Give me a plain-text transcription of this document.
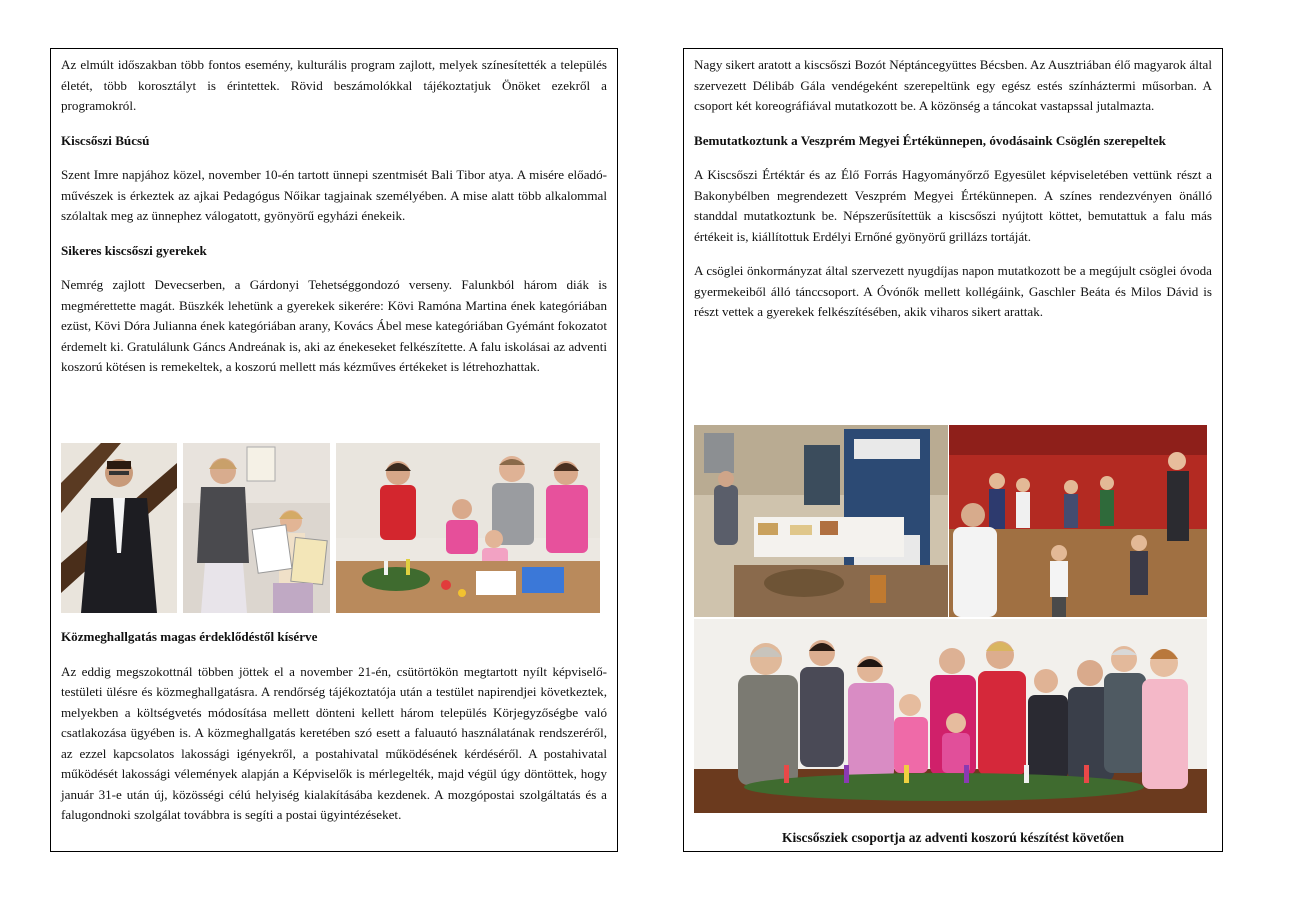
Az elmúlt időszakban több fontos esemény, kulturális program zajlott, melyek színesítették a település életét, több korosztályt is érintettek. Rövid beszámolókkal tájékoztatjuk Önöket ezekről a programokról.

Kiscsőszi Búcsú

Szent Imre napjához közel, november 10-én tartott ünnepi szentmisét Bali Tibor atya. A misére előadó-művészek is érkeztek az ajkai Pedagógus Nőikar tagjainak személyében. A mise alatt több alkalommal szólaltak meg az ünnephez válogatott, gyönyörű egyházi énekeik.

Sikeres kiscsőszi gyerekek

Nemrég zajlott Devecserben, a Gárdonyi Tehetséggondozó verseny. Falunkból három diák is megmérettette magát. Büszkék lehetünk a gyerekek sikerére: Kövi Ramóna Martina ének kategóriában ezüst, Kövi Dóra Julianna ének kategóriában arany, Kovács Ábel mese kategóriában Gyémánt fokozatot érdemelt ki. Gratulálunk Gáncs Andreának is, aki az énekeseket felkészítette. A falu iskolásai az adventi koszorú kötésen is remekeltek, a koszorú mellett más kézműves értékeket is létrehozhattak.

Közmeghallgatás magas érdeklődéstől kísérve

Az eddig megszokottnál többen jöttek el a november 21-én, csütörtökön megtartott nyílt képviselő-testületi ülésre és közmeghallgatásra. A rendőrség tájékoztatója után a testület napirendjei következtek, melyekben a költségvetés módosítása mellett dönteni kellett három település Körjegyzőségbe való csatlakozása ügyében is. A közmeghallgatás keretében szó esett a faluautó használatának rendszeréről, az ezzel kapcsolatos lakossági igényekről, a postahivatal működésének kérdéséről. A postahivatal működését lakossági vélemények alapján a Képviselők is mérlegelték, majd végül úgy döntöttek, hogy január 31-e után új, közösségi célú helyiség kialakításába kezdenek. A mozgópostai szolgáltatás és a falugondnoki szolgálat továbbra is segíti a postai ügyintézéseket.

Nagy sikert aratott a kiscsőszi Bozót Néptáncegyüttes Bécsben. Az Ausztriában élő magyarok által szervezett Délibáb Gála vendégeként szerepeltünk egy egész estés színháztermi műsorban. A csoport két koreográfiával mutatkozott be. A közönség a táncokat vastapssal jutalmazta.

Bemutatkoztunk a Veszprém Megyei Értékünnepen, óvodásaink Csöglén szerepeltek

A Kiscsőszi Értéktár és az Élő Forrás Hagyományőrző Egyesület képviseletében vettünk részt a Bakonybélben megrendezett Veszprém Megyei Értékünnepen. A színes rendezvényen önálló standdal mutatkoztunk be. Népszerűsítettük a kiscsőszi nyújtott köttet, bemutattuk a falu más értékeit is, kiállítottuk Erdélyi Ernőné gyönyörű grillázs tortáját.

A csöglei önkormányzat által szervezett nyugdíjas napon mutatkozott be a megújult csöglei óvoda gyermekeiből álló tánccsoport. A Óvónők mellett kollégáink, Gaschler Beáta és Milos Dávid is részt vettek a gyerekek felkészítésében, akik viharos sikert arattak.

Kiscsősziek csoportja az adventi koszorú készítést követően
